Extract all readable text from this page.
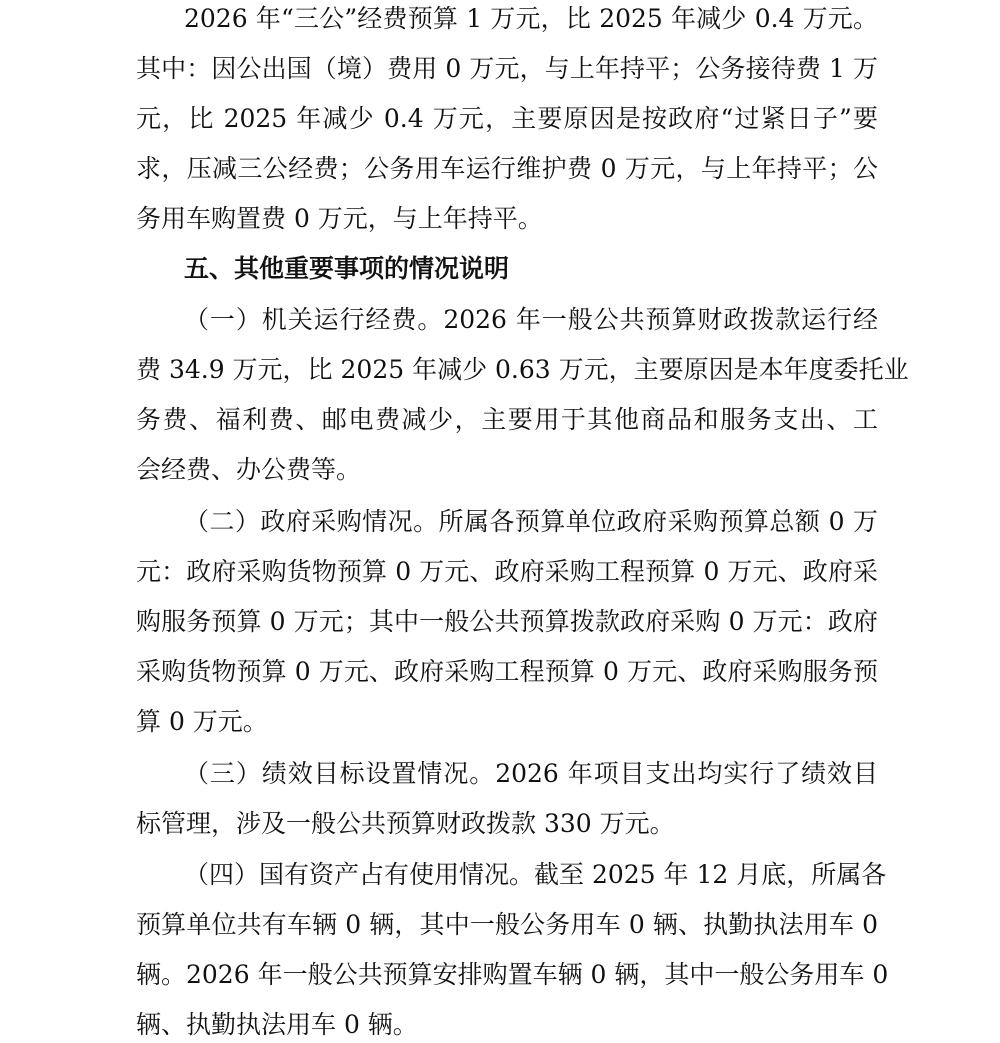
2026 年“三公”经费预算 1 万元，比 2025 年减少 0.4 万元。
其中：因公出国（境）费用 0 万元，与上年持平；公务接待费 1 万
元，比 2025 年减少 0.4 万元，主要原因是按政府“过紧日子”要
求，压减三公经费；公务用车运行维护费 0 万元，与上年持平；公
务用车购置费 0 万元，与上年持平。
五、其他重要事项的情况说明
（一）机关运行经费。2026 年一般公共预算财政拨款运行经
费 34.9 万元，比 2025 年减少 0.63 万元，主要原因是本年度委托业
务费、福利费、邮电费减少，主要用于其他商品和服务支出、工
会经费、办公费等。
（二）政府采购情况。所属各预算单位政府采购预算总额 0 万
元：政府采购货物预算 0 万元、政府采购工程预算 0 万元、政府采
购服务预算 0 万元；其中一般公共预算拨款政府采购 0 万元：政府
采购货物预算 0 万元、政府采购工程预算 0 万元、政府采购服务预
算 0 万元。
（三）绩效目标设置情况。2026 年项目支出均实行了绩效目
标管理，涉及一般公共预算财政拨款 330 万元。
（四）国有资产占有使用情况。截至 2025 年 12 月底，所属各
预算单位共有车辆 0 辆，其中一般公务用车 0 辆、执勤执法用车 0
辆。2026 年一般公共预算安排购置车辆 0 辆，其中一般公务用车 0
辆、执勤执法用车 0 辆。
